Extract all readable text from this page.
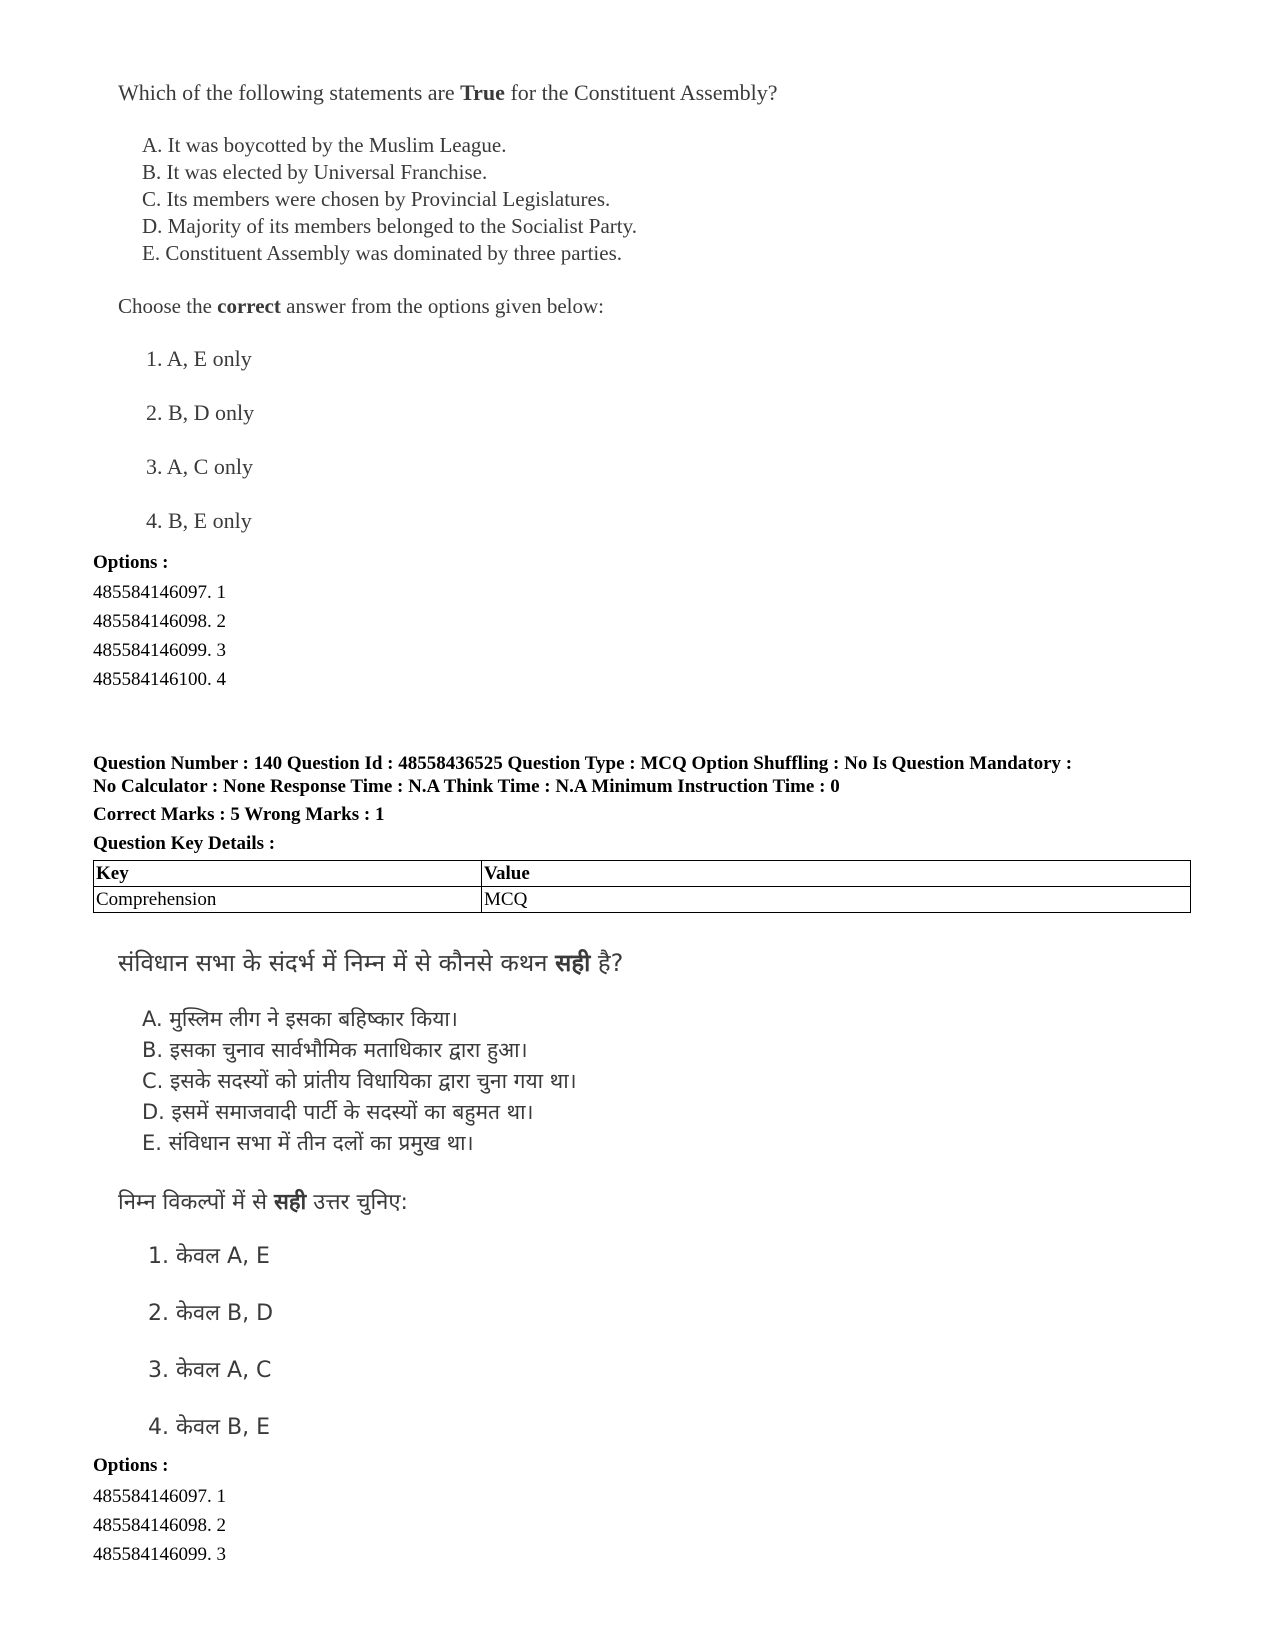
Which of the following statements are True for the Constituent Assembly?
A. It was boycotted by the Muslim League.
B. It was elected by Universal Franchise.
C. Its members were chosen by Provincial Legislatures.
D. Majority of its members belonged to the Socialist Party.
E. Constituent Assembly was dominated by three parties.
Choose the correct answer from the options given below:
1. A, E only
2. B, D only
3. A, C only
4. B, E only
Options :
485584146097. 1
485584146098. 2
485584146099. 3
485584146100. 4
Question Number : 140 Question Id : 48558436525 Question Type : MCQ Option Shuffling : No Is Question Mandatory :
No Calculator : None Response Time : N.A Think Time : N.A Minimum Instruction Time : 0
Correct Marks : 5 Wrong Marks : 1
Question Key Details :
Key	Value
Comprehension	MCQ
संविधान सभा के संदर्भ में निम्न में से कौनसे कथन सही है?
A. मुस्लिम लीग ने इसका बहिष्कार किया।
B. इसका चुनाव सार्वभौमिक मताधिकार द्वारा हुआ।
C. इसके सदस्यों को प्रांतीय विधायिका द्वारा चुना गया था।
D. इसमें समाजवादी पार्टी के सदस्यों का बहुमत था।
E. संविधान सभा में तीन दलों का प्रमुख था।
निम्न विकल्पों में से सही उत्तर चुनिए:
1. केवल A, E
2. केवल B, D
3. केवल A, C
4. केवल B, E
Options :
485584146097. 1
485584146098. 2
485584146099. 3
